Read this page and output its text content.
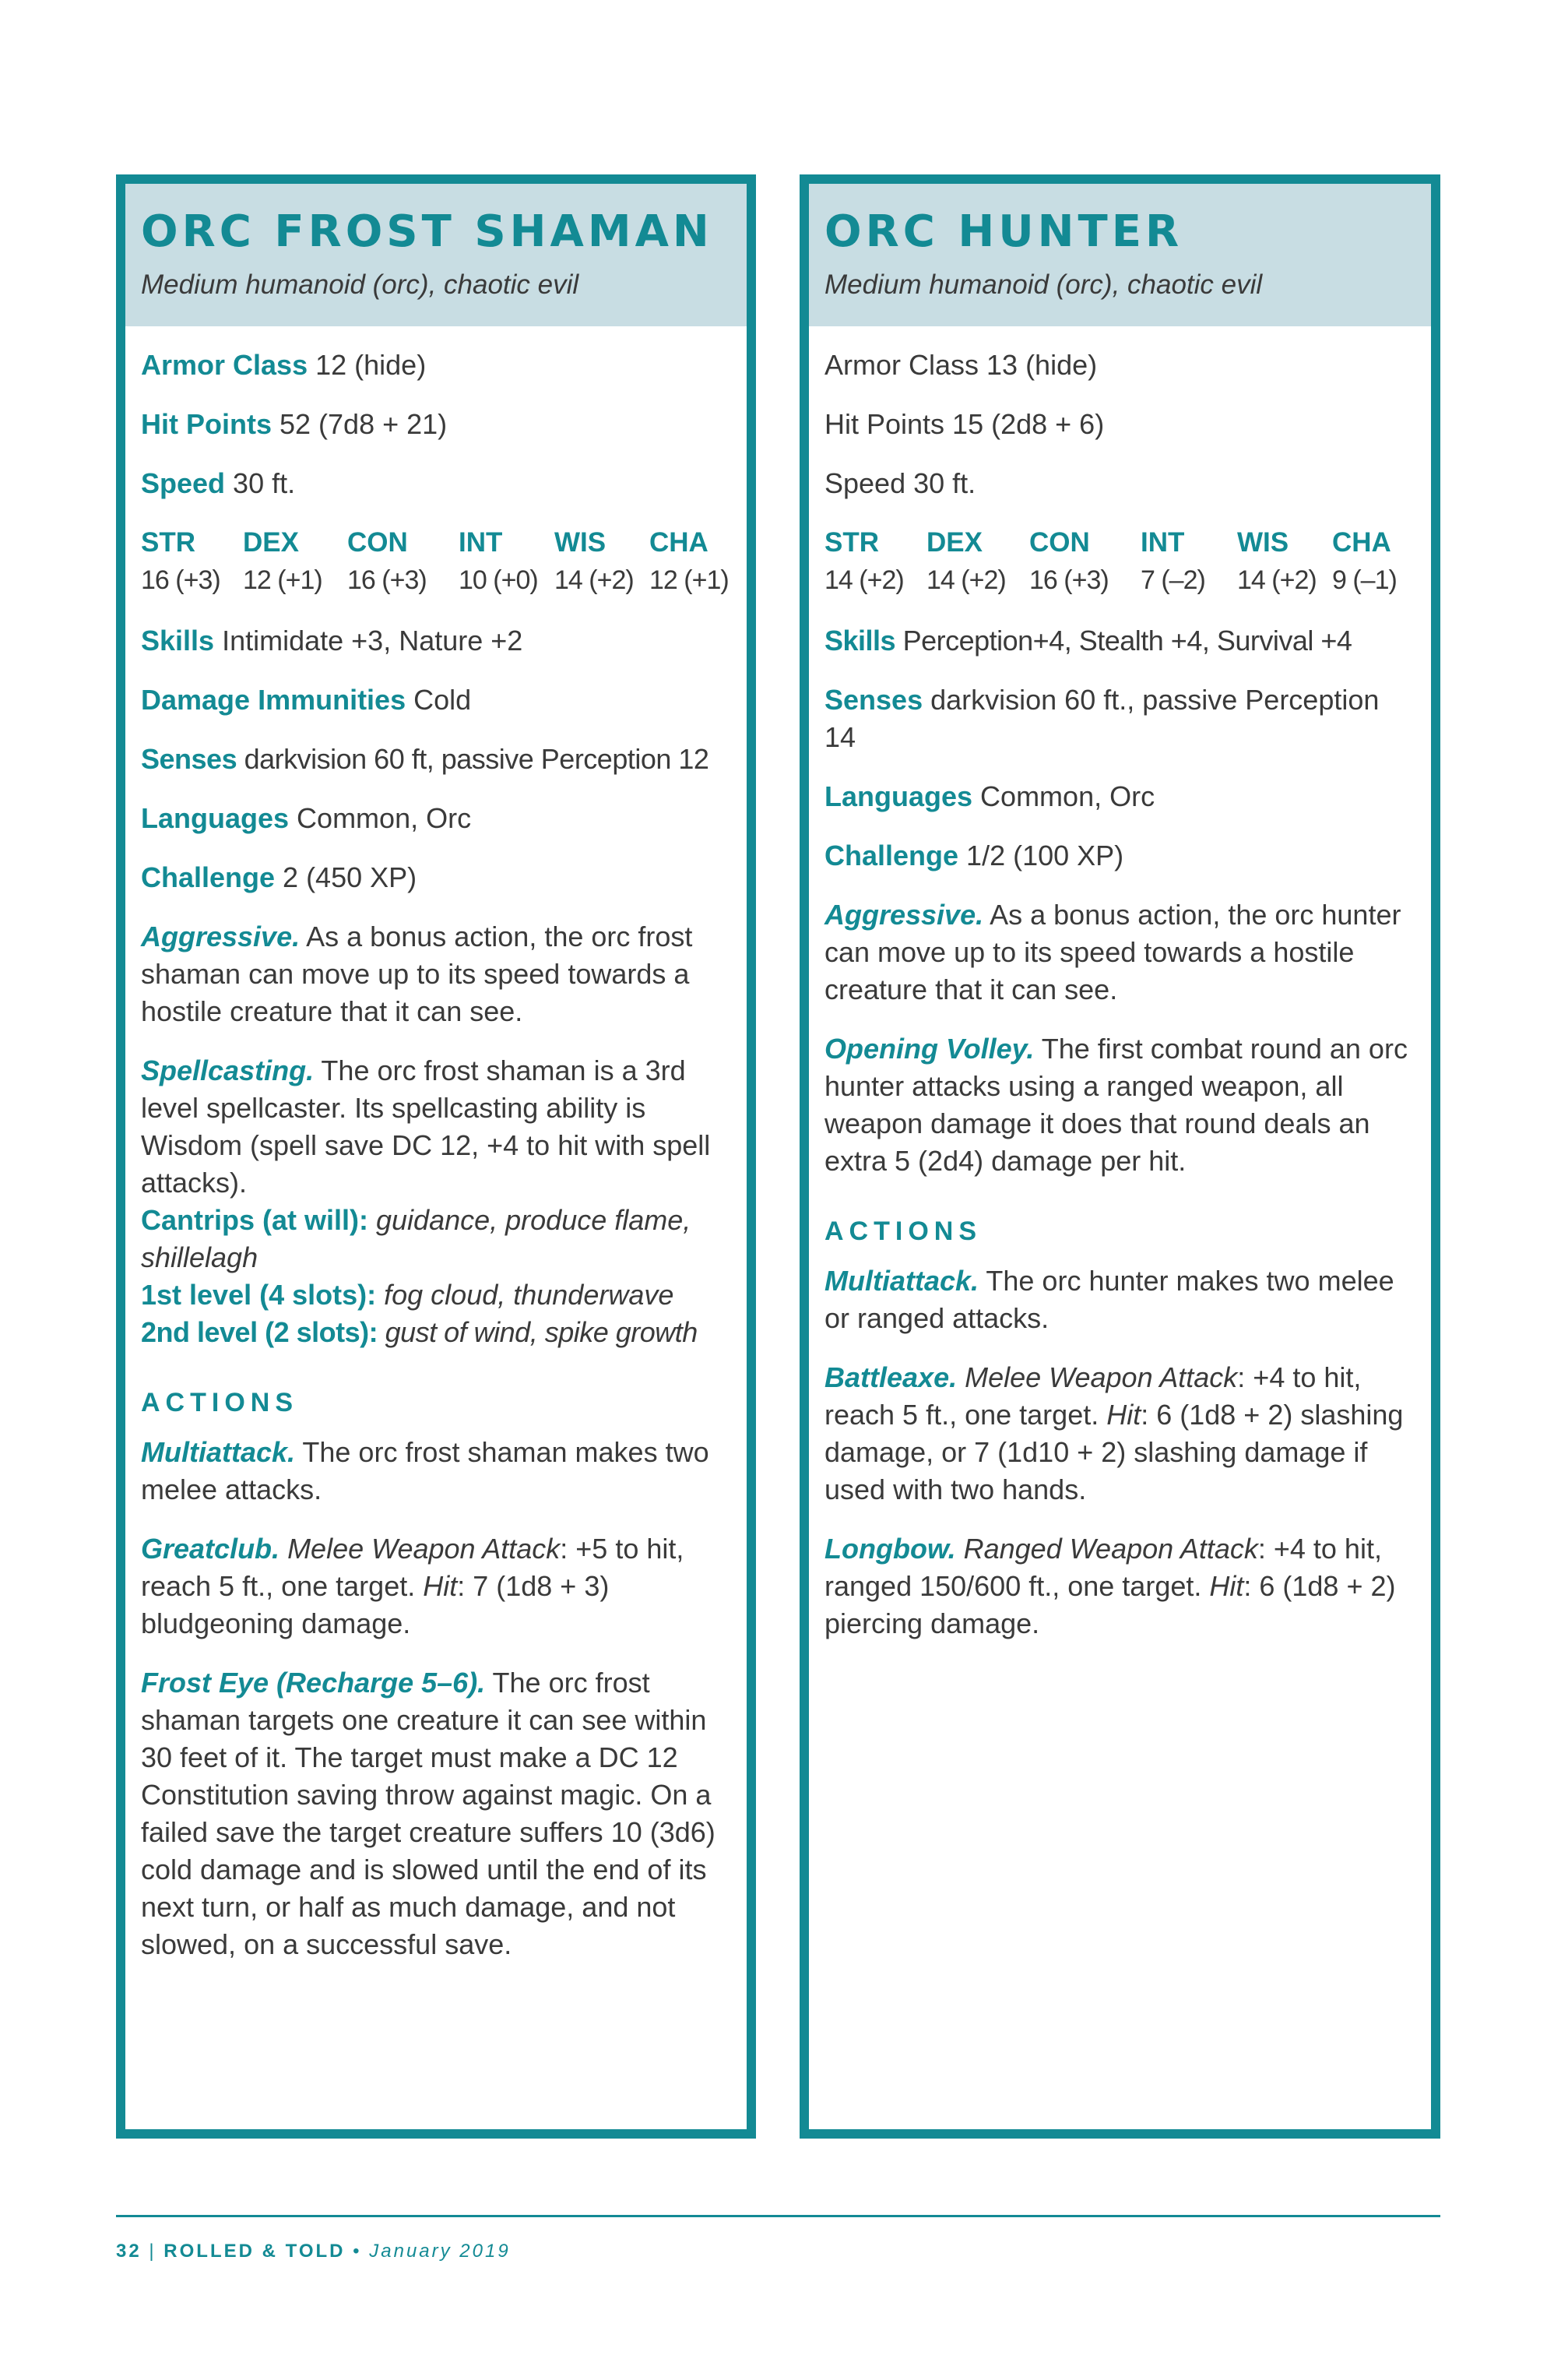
ORC FROST SHAMAN
Medium humanoid (orc), chaotic evil

Armor Class 12 (hide)

Hit Points 52 (7d8 + 21)

Speed 30 ft.

STR
16 (+3)
DEX
12 (+1)
CON
16 (+3)
INT
10 (+0)
WIS
14 (+2)
CHA
12 (+1)

Skills Intimidate +3, Nature +2

Damage Immunities Cold

Senses darkvision 60 ft, passive Perception 12

Languages Common, Orc

Challenge 2 (450 XP)

Aggressive. As a bonus action, the orc frost shaman can move up to its speed towards a hostile creature that it can see.

Spellcasting. The orc frost shaman is a 3rd level spellcaster. Its spellcasting ability is Wisdom (spell save DC 12, +4 to hit with spell attacks).

Cantrips (at will): guidance, produce flame, shillelagh
1st level (4 slots): fog cloud, thunderwave
2nd level (2 slots): gust of wind, spike growth
ACTIONS

Multiattack. The orc frost shaman makes two melee attacks.

Greatclub. Melee Weapon Attack: +5 to hit, reach 5 ft., one target. Hit: 7 (1d8 + 3) bludgeoning damage.

Frost Eye (Recharge 5–6). The orc frost shaman targets one creature it can see within 30 feet of it. The target must make a DC 12 Constitution saving throw against magic. On a failed save the target creature suffers 10 (3d6) cold damage and is slowed until the end of its next turn, or half as much damage, and not slowed, on a successful save.

ORC HUNTER
Medium humanoid (orc), chaotic evil

Armor Class 13 (hide)

Hit Points 15 (2d8 + 6)

Speed 30 ft.

STR
14 (+2)
DEX
14 (+2)
CON
16 (+3)
INT
7 (–2)
WIS
14 (+2)
CHA
9 (–1)

Skills Perception+4, Stealth +4, Survival +4

Senses darkvision 60 ft., passive Perception 14

Languages Common, Orc

Challenge 1/2 (100 XP)

Aggressive. As a bonus action, the orc hunter can move up to its speed towards a hostile creature that it can see.

Opening Volley. The first combat round an orc hunter attacks using a ranged weapon, all weapon damage it does that round deals an extra 5 (2d4) damage per hit.

ACTIONS

Multiattack. The orc hunter makes two melee or ranged attacks.

Battleaxe. Melee Weapon Attack: +4 to hit, reach 5 ft., one target. Hit: 6 (1d8 + 2) slashing damage, or 7 (1d10 + 2) slashing damage if used with two hands.

Longbow. Ranged Weapon Attack: +4 to hit, ranged 150/600 ft., one target. Hit: 6 (1d8 + 2) piercing damage.

32 | ROLLED & TOLD • January 2019
